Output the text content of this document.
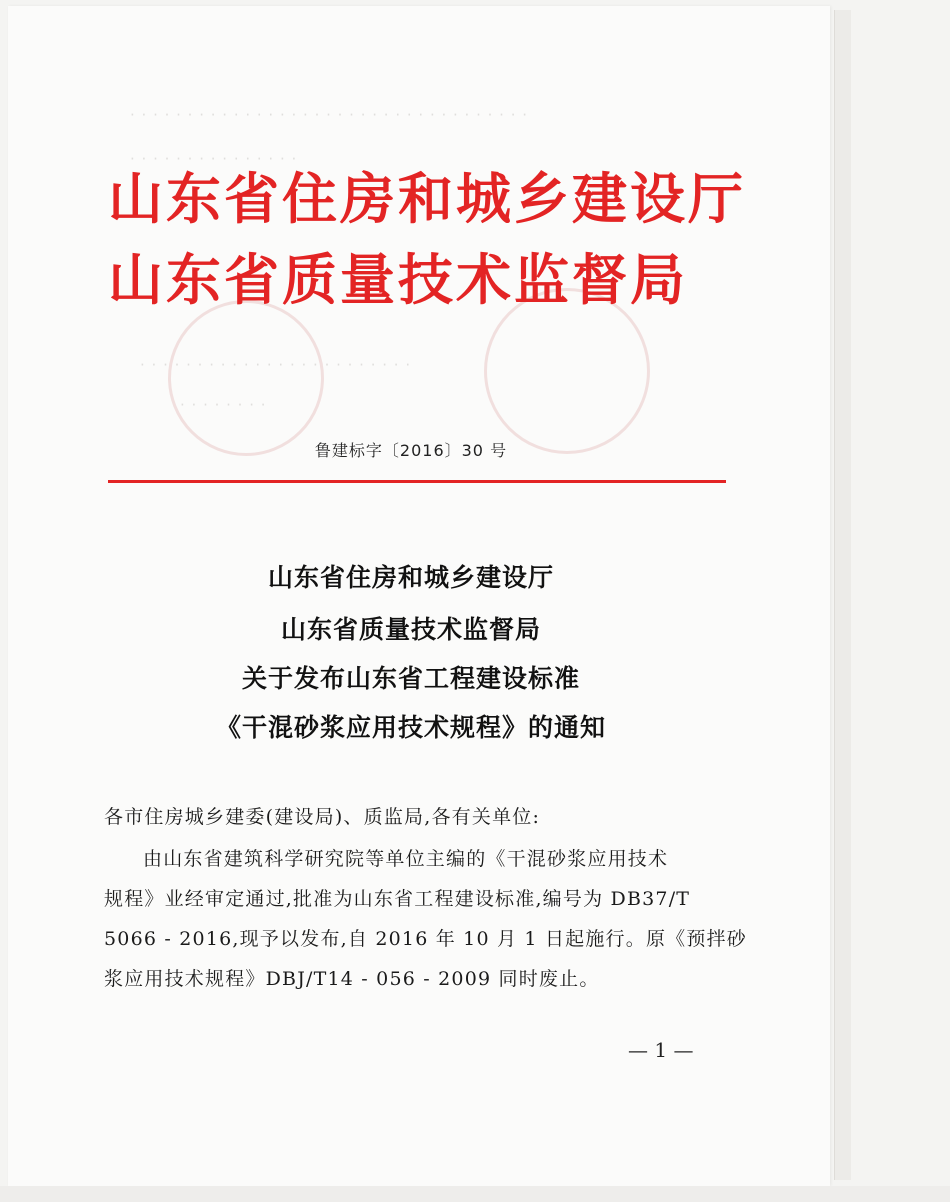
· · · · · · · · · · · · · · · · · · · · · · · · · · · · · · · · · · ·
· · · · · · · · · · · · · · ·
· · · · · · · · · · · · · · · · · · · · · · · ·
· · · · · · · ·
山东省住房和城乡建设厅
山东省质量技术监督局
鲁建标字〔2016〕30 号
山东省住房和城乡建设厅
山东省质量技术监督局
关于发布山东省工程建设标准
《干混砂浆应用技术规程》的通知
各市住房城乡建委(建设局)、质监局,各有关单位:
由山东省建筑科学研究院等单位主编的《干混砂浆应用技术
规程》业经审定通过,批准为山东省工程建设标准,编号为 DB37/T
5066 - 2016,现予以发布,自 2016 年 10 月 1 日起施行。原《预拌砂
浆应用技术规程》DBJ/T14 - 056 - 2009 同时废止。
— 1 —
